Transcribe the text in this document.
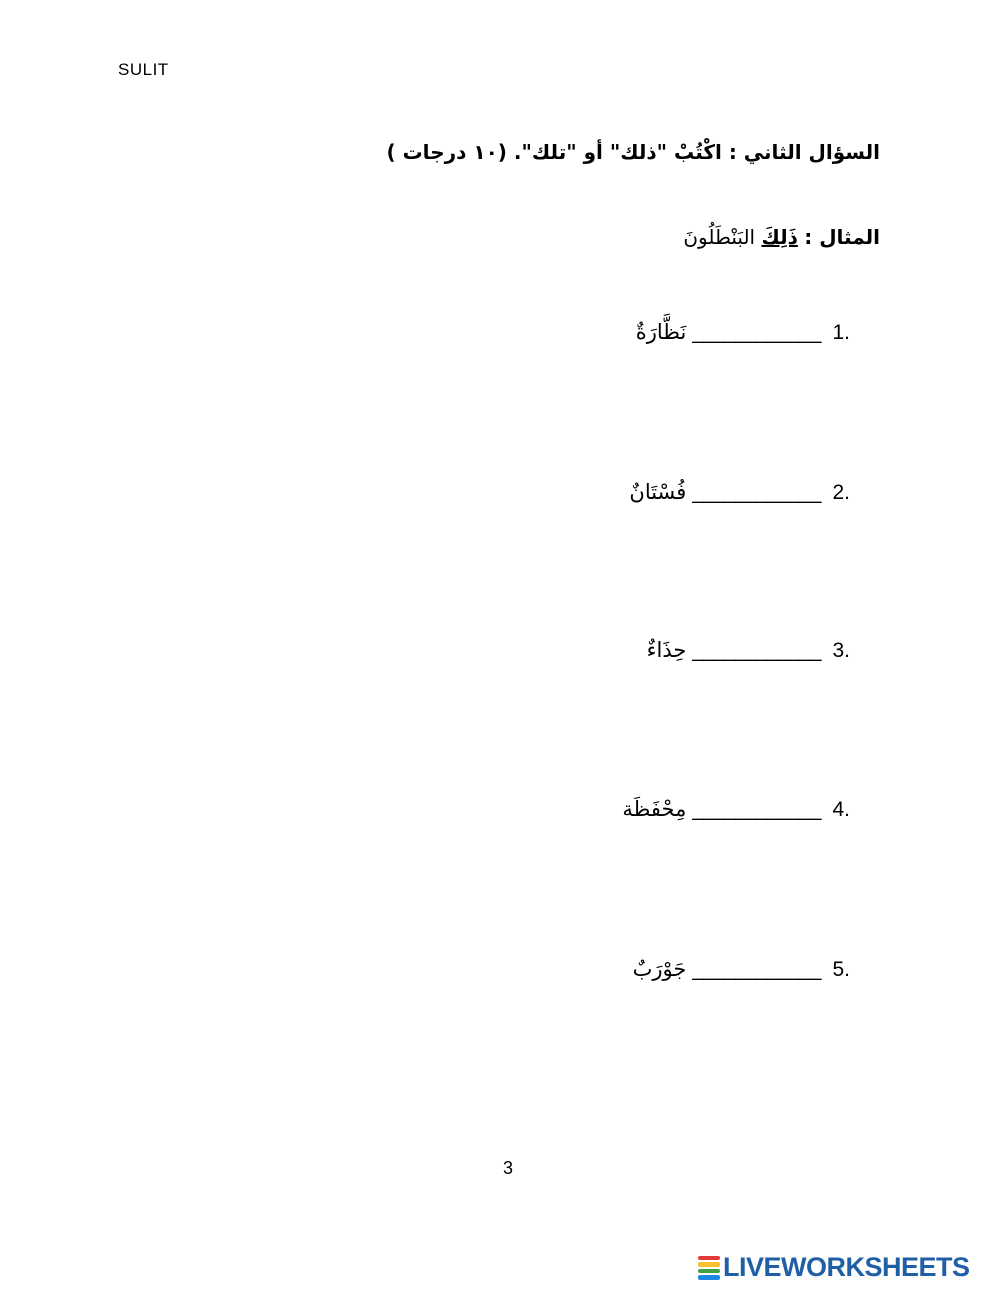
SULIT
السؤال الثاني : اكْتُبْ "ذلك" أو "تلك". (١٠ درجات )
المثال : ذَلِكَ البَنْطَلُونَ
نَظَّارَةٌ ____________ 1.
فُسْتَانٌ ____________ 2.
حِذَاءٌ ____________ 3.
مِحْفَظَة ____________ 4.
جَوْرَبٌ ____________ 5.
3
LIVEWORKSHEETS
